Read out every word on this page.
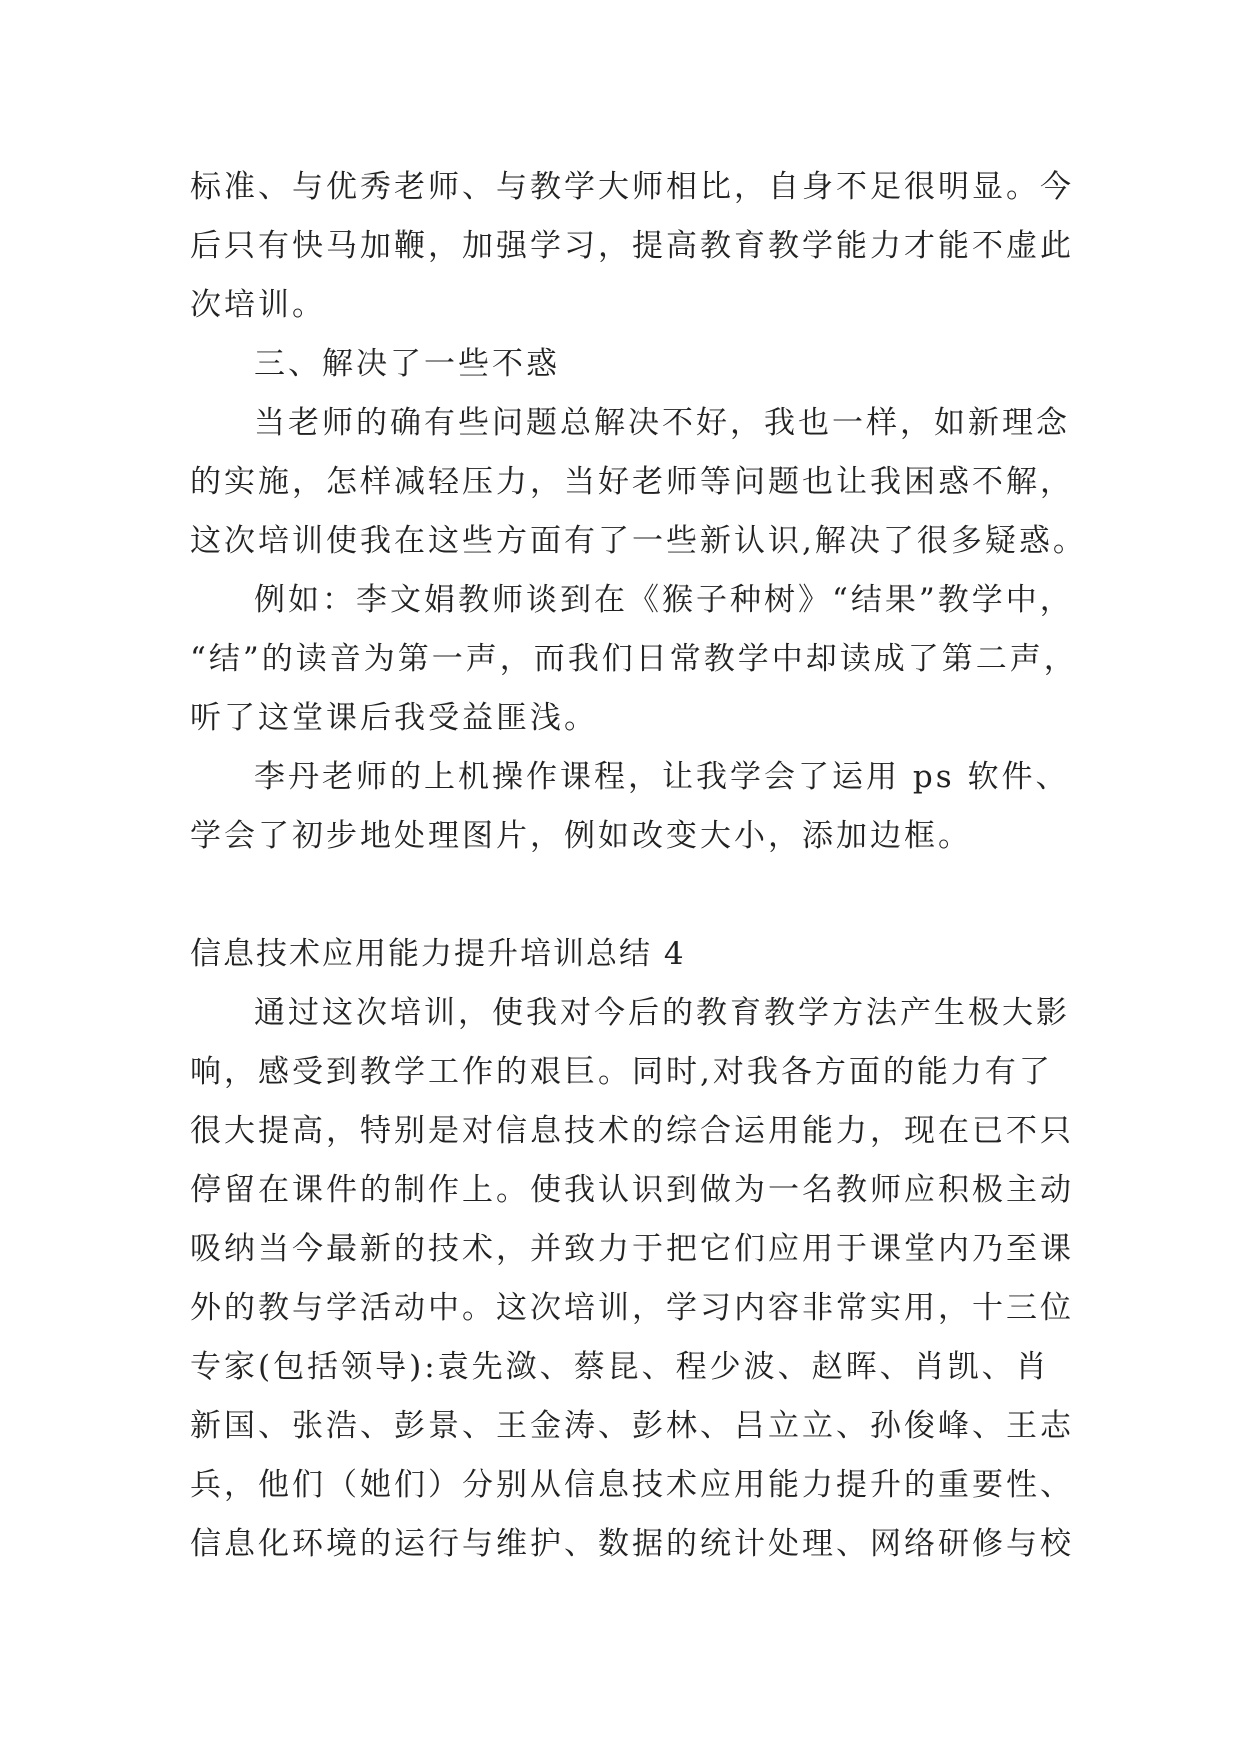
标准、与优秀老师、与教学大师相比，自身不足很明显。今
后只有快马加鞭，加强学习，提高教育教学能力才能不虚此
次培训。
三、解决了一些不惑
当老师的确有些问题总解决不好，我也一样，如新理念
的实施，怎样减轻压力，当好老师等问题也让我困惑不解，
这次培训使我在这些方面有了一些新认识,解决了很多疑惑。
例如：李文娟教师谈到在《猴子种树》“结果”教学中，
“结”的读音为第一声，而我们日常教学中却读成了第二声，
听了这堂课后我受益匪浅。
李丹老师的上机操作课程，让我学会了运用 ps 软件、
学会了初步地处理图片，例如改变大小，添加边框。
信息技术应用能力提升培训总结 4
通过这次培训，使我对今后的教育教学方法产生极大影
响，感受到教学工作的艰巨。同时,对我各方面的能力有了
很大提高，特别是对信息技术的综合运用能力，现在已不只
停留在课件的制作上。使我认识到做为一名教师应积极主动
吸纳当今最新的技术，并致力于把它们应用于课堂内乃至课
外的教与学活动中。这次培训，学习内容非常实用，十三位
专家(包括领导):袁先潋、蔡昆、程少波、赵晖、肖凯、肖
新国、张浩、彭景、王金涛、彭林、吕立立、孙俊峰、王志
兵，他们（她们）分别从信息技术应用能力提升的重要性、
信息化环境的运行与维护、数据的统计处理、网络研修与校
